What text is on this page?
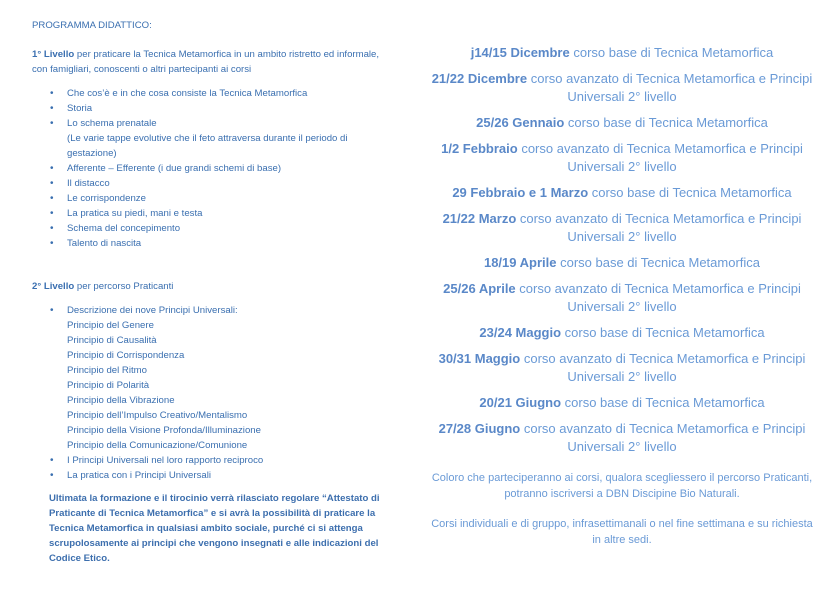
PROGRAMMA DIDATTICO:

1° Livello per praticare la Tecnica Metamorfica in un ambito ristretto ed informale, con famigliari, conoscenti o altri partecipanti ai corsi

• Che cos’è e in che cosa consiste la Tecnica Metamorfica
• Storia
• Lo schema prenatale
(Le varie tappe evolutive che il feto attraversa durante il periodo di gestazione)
• Afferente – Efferente (i due grandi schemi di base)
• Il distacco
• Le corrispondenze
• La pratica su piedi, mani e testa
• Schema del concepimento
• Talento di nascita

2° Livello per percorso Praticanti

• Descrizione dei nove Principi Universali:
Principio del Genere
Principio di Causalità
Principio di Corrispondenza
Principio del Ritmo
Principio di Polarità
Principio della Vibrazione
Principio dell’Impulso Creativo/Mentalismo
Principio della Visione Profonda/Illuminazione
Principio della Comunicazione/Comunione
• I Principi Universali nel loro rapporto reciproco
• La pratica con i Principi Universali

Ultimata la formazione e il tirocinio verrà rilasciato regolare “Attestato di Praticante di Tecnica Metamorfica” e si avrà la possibilità di praticare la Tecnica Metamorfica in qualsiasi ambito sociale, purché ci si attenga scrupolosamente ai principi che vengono insegnati e alle indicazioni del Codice Etico.

j14/15 Dicembre corso base di Tecnica Metamorfica
21/22 Dicembre corso avanzato di Tecnica Metamorfica e Principi Universali 2° livello
25/26 Gennaio corso base di Tecnica Metamorfica
1/2 Febbraio corso avanzato di Tecnica Metamorfica e Principi Universali 2° livello
29 Febbraio e 1 Marzo corso base di Tecnica Metamorfica
21/22 Marzo corso avanzato di Tecnica Metamorfica e Principi Universali 2° livello
18/19 Aprile corso base di Tecnica Metamorfica
25/26 Aprile corso avanzato di Tecnica Metamorfica e Principi Universali 2° livello
23/24 Maggio corso base di Tecnica Metamorfica
30/31 Maggio corso avanzato di Tecnica Metamorfica e Principi Universali 2° livello
20/21 Giugno corso base di Tecnica Metamorfica
27/28 Giugno corso avanzato di Tecnica Metamorfica e Principi Universali 2° livello
Coloro che parteciperanno ai corsi, qualora scegliessero il percorso Praticanti, potranno iscriversi a DBN Discipine Bio Naturali.
Corsi individuali e di gruppo, infrasettimanali o nel fine settimana e su richiesta in altre sedi.
